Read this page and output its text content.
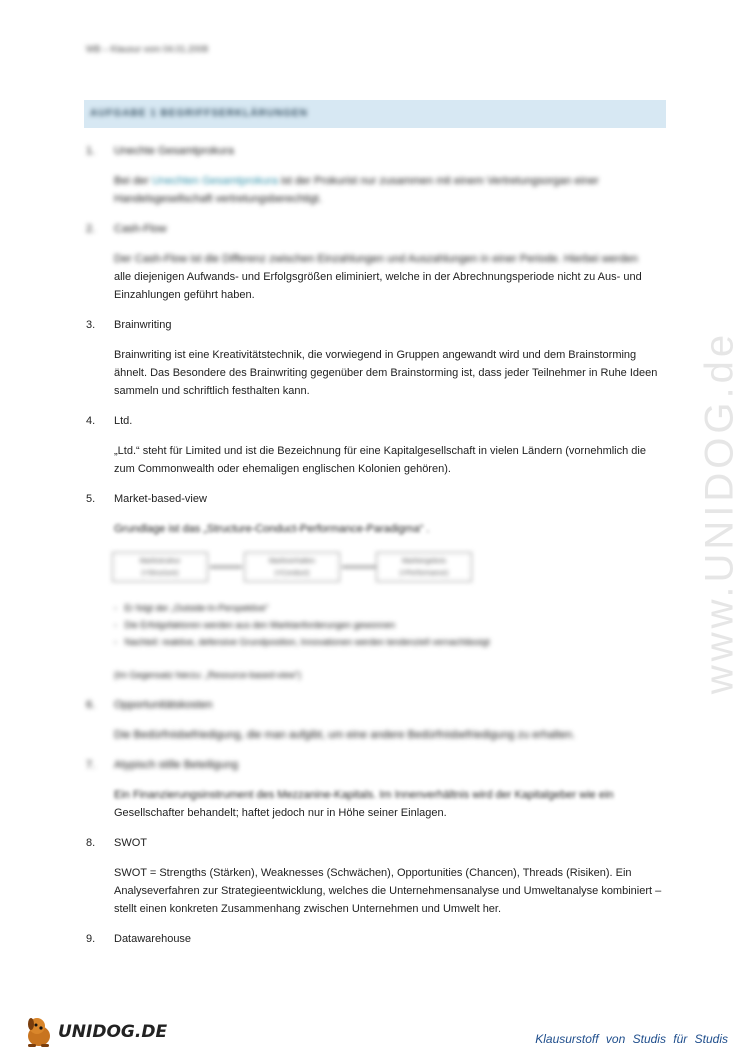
WB – Klausur vom 04.01.2008
AUFGABE 1 BEGRIFFSERKLÄRUNGEN
1.	Unechte Gesamtprokura
Bei der Unechten Gesamtprokura ist der Prokurist nur zusammen mit einem Vertretungsorgan einer Handelsgesellschaft vertretungsberechtigt.
2.	Cash-Flow
Der Cash-Flow ist die Differenz zwischen Einzahlungen und Auszahlungen in einer Periode. Hierbei werden
alle diejenigen Aufwands- und Erfolgsgrößen eliminiert, welche in der Abrechnungsperiode nicht zu Aus- und Einzahlungen geführt haben.
3.	Brainwriting
Brainwriting ist eine Kreativitätstechnik, die vorwiegend in Gruppen angewandt wird und dem Brainstorming ähnelt. Das Besondere des Brainwriting gegenüber dem Brainstorming ist, dass jeder Teilnehmer in Ruhe Ideen sammeln und schriftlich festhalten kann.
4.	Ltd.
„Ltd.“ steht für Limited und ist die Bezeichnung für eine Kapitalgesellschaft in vielen Ländern (vornehmlich die zum Commonwealth oder ehemaligen englischen Kolonien gehören).
5.	Market-based-view
Grundlage ist das „Structure-Conduct-Performance-Paradigma“ .
Marktstruktur
(=Structure)
Marktverhalten
(=Conduct)
Marktergebnis
(=Performance)
-   Er folgt der „Outside-In-Perspektive“
-   Die Erfolgsfaktoren werden aus den Marktanforderungen gewonnen
-   Nachteil: reaktive, defensive Grundposition, Innovationen werden tendenziell vernachlässigt
(Im Gegensatz hierzu: „Resource-based-view“)
6.	Opportunitätskosten
Die Bedürfnisbefriedigung, die man aufgibt, um eine andere Bedürfnisbefriedigung zu erhalten.
7.	Atypisch stille Beteiligung
Ein Finanzierungsinstrument des Mezzanine-Kapitals. Im Innenverhältnis wird der Kapitalgeber wie ein
Gesellschafter behandelt; haftet jedoch nur in Höhe seiner Einlagen.
8.	SWOT
SWOT = Strengths (Stärken), Weaknesses (Schwächen), Opportunities (Chancen), Threads (Risiken). Ein Analyseverfahren zur Strategieentwicklung, welches die Unternehmensanalyse und Umweltanalyse kombiniert – stellt einen konkreten Zusammenhang zwischen Unternehmen und Umwelt her.
9.	Datawarehouse
www.UNIDOG.de
UNIDOG.DE	Klausurstoff von Studis für Studis
